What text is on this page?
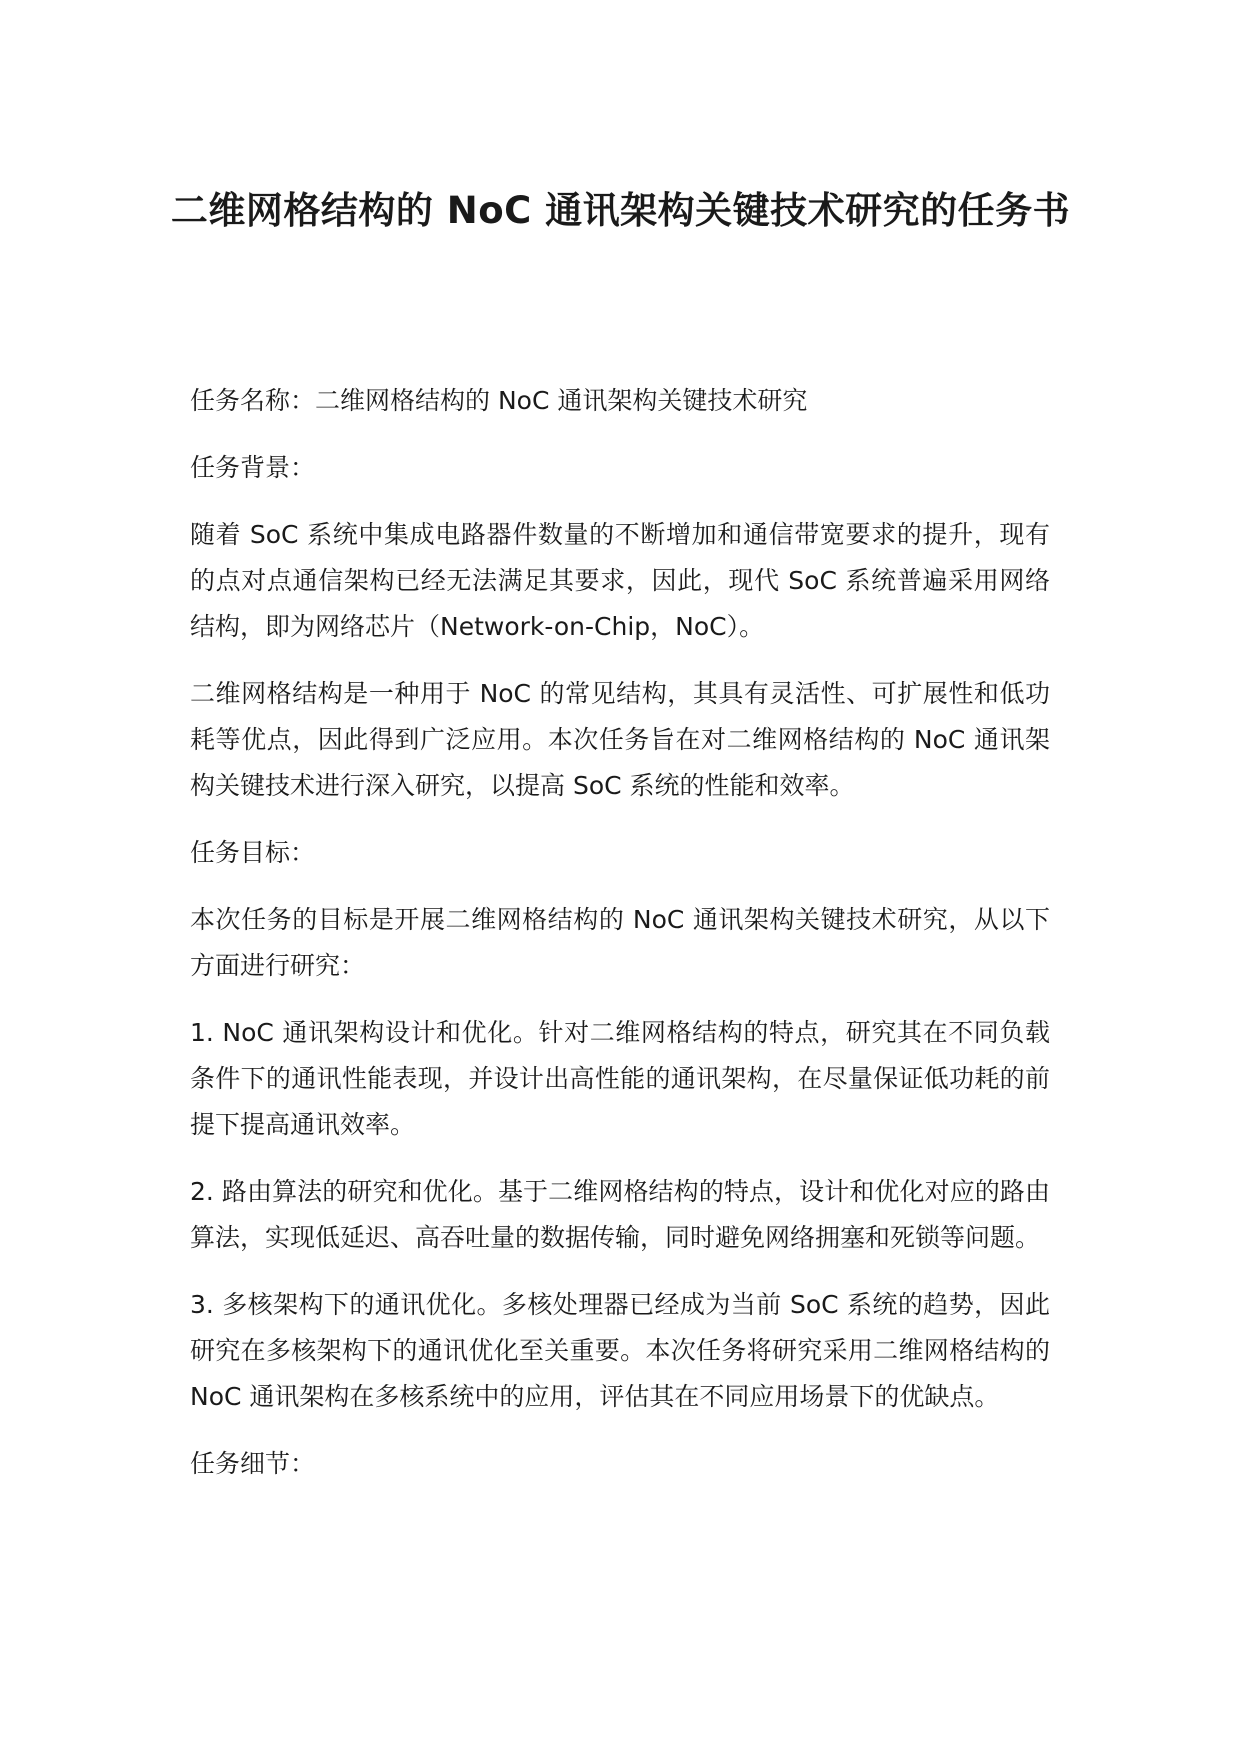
二维网格结构的 NoC 通讯架构关键技术研究的任务书

任务名称：二维网格结构的 NoC 通讯架构关键技术研究

任务背景：

随着 SoC 系统中集成电路器件数量的不断增加和通信带宽要求的提升，现有的点对点通信架构已经无法满足其要求，因此，现代 SoC 系统普遍采用网络结构，即为网络芯片（Network-on-Chip，NoC）。

二维网格结构是一种用于 NoC 的常见结构，其具有灵活性、可扩展性和低功耗等优点，因此得到广泛应用。本次任务旨在对二维网格结构的 NoC 通讯架构关键技术进行深入研究，以提高 SoC 系统的性能和效率。

任务目标：

本次任务的目标是开展二维网格结构的 NoC 通讯架构关键技术研究，从以下方面进行研究：

1. NoC 通讯架构设计和优化。针对二维网格结构的特点，研究其在不同负载条件下的通讯性能表现，并设计出高性能的通讯架构，在尽量保证低功耗的前提下提高通讯效率。

2. 路由算法的研究和优化。基于二维网格结构的特点，设计和优化对应的路由算法，实现低延迟、高吞吐量的数据传输，同时避免网络拥塞和死锁等问题。

3. 多核架构下的通讯优化。多核处理器已经成为当前 SoC 系统的趋势，因此研究在多核架构下的通讯优化至关重要。本次任务将研究采用二维网格结构的 NoC 通讯架构在多核系统中的应用，评估其在不同应用场景下的优缺点。

任务细节：
